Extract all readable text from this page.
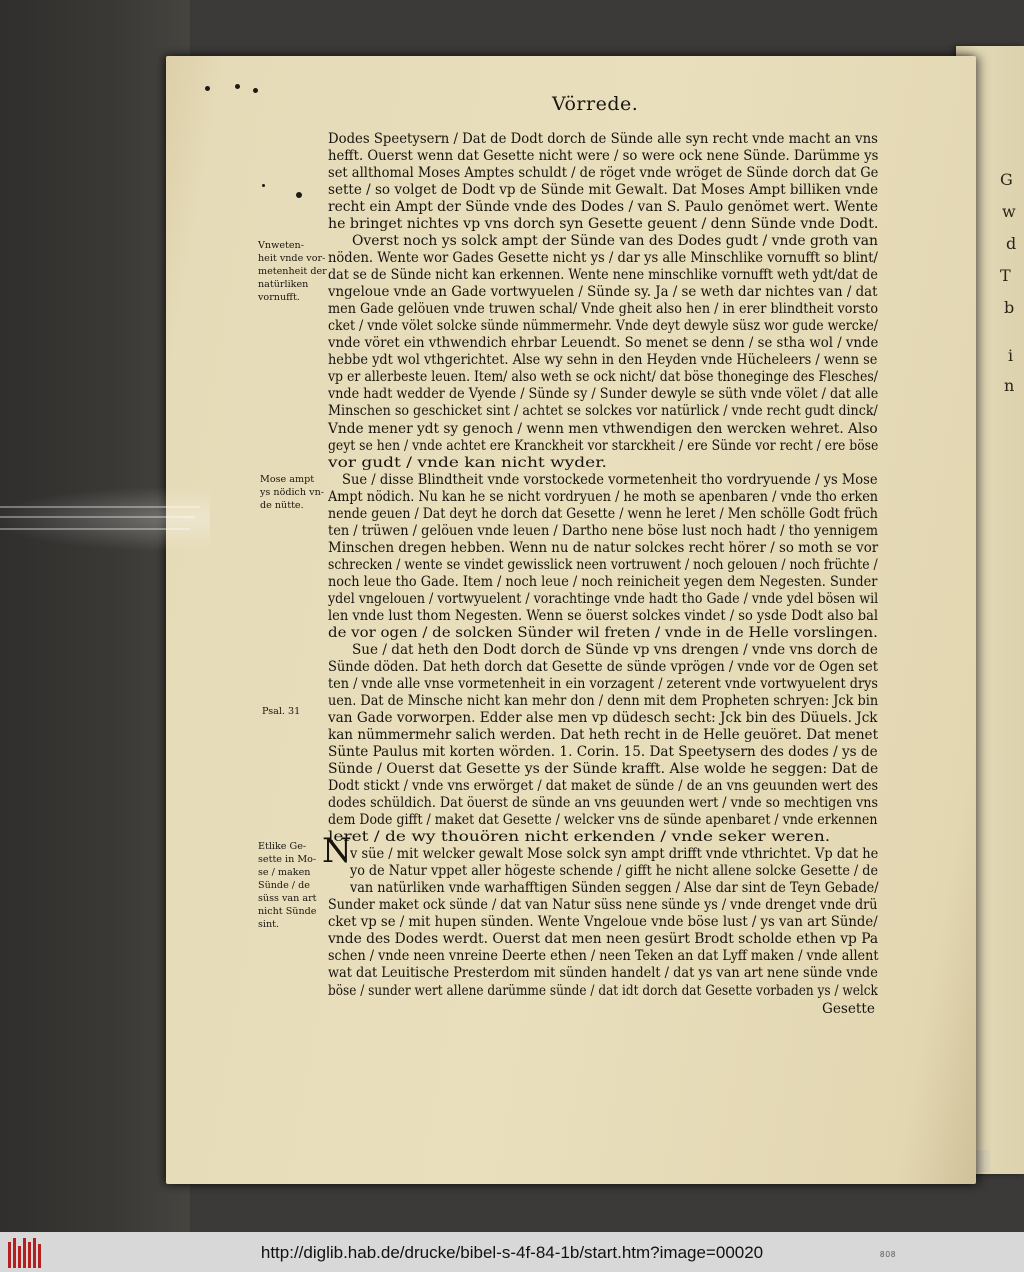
G
w
d
T
b
i
n
Vörrede.
Dodes Speetysern / Dat de Dodt dorch de Sünde alle syn recht vnde macht an vns
hefft. Ouerst wenn dat Gesette nicht were / so were ock nene Sünde. Darümme ys
set allthomal Moses Amptes schuldt / de röget vnde wröget de Sünde dorch dat Ge
sette / so volget de Dodt vp de Sünde mit Gewalt. Dat Moses Ampt billiken vnde
recht ein Ampt der Sünde vnde des Dodes / van S. Paulo genömet wert. Wente
he bringet nichtes vp vns dorch syn Gesette geuent / denn Sünde vnde Dodt.
Overst noch ys solck ampt der Sünde van des Dodes gudt / vnde groth van
nöden. Wente wor Gades Gesette nicht ys / dar ys alle Minschlike vornufft so blint/
dat se de Sünde nicht kan erkennen. Wente nene minschlike vornufft weth ydt/dat de
vngeloue vnde an Gade vortwyuelen / Sünde sy. Ja / se weth dar nichtes van / dat
men Gade gelöuen vnde truwen schal/ Vnde gheit also hen / in erer blindtheit vorsto
cket / vnde völet solcke sünde nümmermehr. Vnde deyt dewyle süsz wor gude wercke/
vnde vöret ein vthwendich ehrbar Leuendt. So menet se denn / se stha wol / vnde
hebbe ydt wol vthgerichtet. Alse wy sehn in den Heyden vnde Hücheleers / wenn se
vp er allerbeste leuen. Item/ also weth se ock nicht/ dat böse thoneginge des Flesches/
vnde hadt wedder de Vyende / Sünde sy / Sunder dewyle se süth vnde völet / dat alle
Minschen so geschicket sint / achtet se solckes vor natürlick / vnde recht gudt dinck/
Vnde mener ydt sy genoch / wenn men vthwendigen den wercken wehret. Also
geyt se hen / vnde achtet ere Kranckheit vor starckheit / ere Sünde vor recht / ere böse
vor gudt / vnde kan nicht wyder.
Sue / disse Blindtheit vnde vorstockede vormetenheit tho vordryuende / ys Mose
Ampt nödich. Nu kan he se nicht vordryuen / he moth se apenbaren / vnde tho erken
nende geuen / Dat deyt he dorch dat Gesette / wenn he leret / Men schölle Godt früch
ten / trüwen / gelöuen vnde leuen / Dartho nene böse lust noch hadt / tho yennigem
Minschen dregen hebben. Wenn nu de natur solckes recht hörer / so moth se vor
schrecken / wente se vindet gewisslick neen vortruwent / noch gelouen / noch früchte /
noch leue tho Gade. Item / noch leue / noch reinicheit yegen dem Negesten. Sunder
ydel vngelouen / vortwyuelent / vorachtinge vnde hadt tho Gade / vnde ydel bösen wil
len vnde lust thom Negesten. Wenn se öuerst solckes vindet / so ysde Dodt also bal
de vor ogen / de solcken Sünder wil freten / vnde in de Helle vorslingen.
Sue / dat heth den Dodt dorch de Sünde vp vns drengen / vnde vns dorch de
Sünde döden. Dat heth dorch dat Gesette de sünde vprögen / vnde vor de Ogen set
ten / vnde alle vnse vormetenheit in ein vorzagent / zeterent vnde vortwyuelent drys
uen. Dat de Minsche nicht kan mehr don / denn mit dem Propheten schryen: Jck bin
van Gade vorworpen. Edder alse men vp düdesch secht: Jck bin des Düuels. Jck
kan nümmermehr salich werden. Dat heth recht in de Helle geuöret. Dat menet
Sünte Paulus mit korten wörden. 1. Corin. 15. Dat Speetysern des dodes / ys de
Sünde / Ouerst dat Gesette ys der Sünde krafft. Alse wolde he seggen: Dat de
Dodt stickt / vnde vns erwörget / dat maket de sünde / de an vns geuunden wert des
dodes schüldich. Dat öuerst de sünde an vns geuunden wert / vnde so mechtigen vns
dem Dode gifft / maket dat Gesette / welcker vns de sünde apenbaret / vnde erkennen
leret / de wy thouören nicht erkenden / vnde seker weren.
v süe / mit welcker gewalt Mose solck syn ampt drifft vnde vthrichtet. Vp dat he
yo de Natur vppet aller högeste schende / gifft he nicht allene solcke Gesette / de
van natürliken vnde warhafftigen Sünden seggen / Alse dar sint de Teyn Gebade/
Sunder maket ock sünde / dat van Natur süss nene sünde ys / vnde drenget vnde drü
cket vp se / mit hupen sünden. Wente Vngeloue vnde böse lust / ys van art Sünde/
vnde des Dodes werdt. Ouerst dat men neen gesürt Brodt scholde ethen vp Pa
schen / vnde neen vnreine Deerte ethen / neen Teken an dat Lyff maken / vnde allent
wat dat Leuitische Presterdom mit sünden handelt / dat ys van art nene sünde vnde
böse / sunder wert allene darümme sünde / dat idt dorch dat Gesette vorbaden ys / welck
N
Vnweten-
heit vnde vor-
metenheit der
natürliken
vornufft.
Mose ampt
ys nödich vn-
de nütte.
Psal. 31
Etlike Ge-
sette in Mo-
se / maken
Sünde / de
süss van art
nicht Sünde
sint.
Gesette
http://diglib.hab.de/drucke/bibel-s-4f-84-1b/start.htm?image=00020	808
